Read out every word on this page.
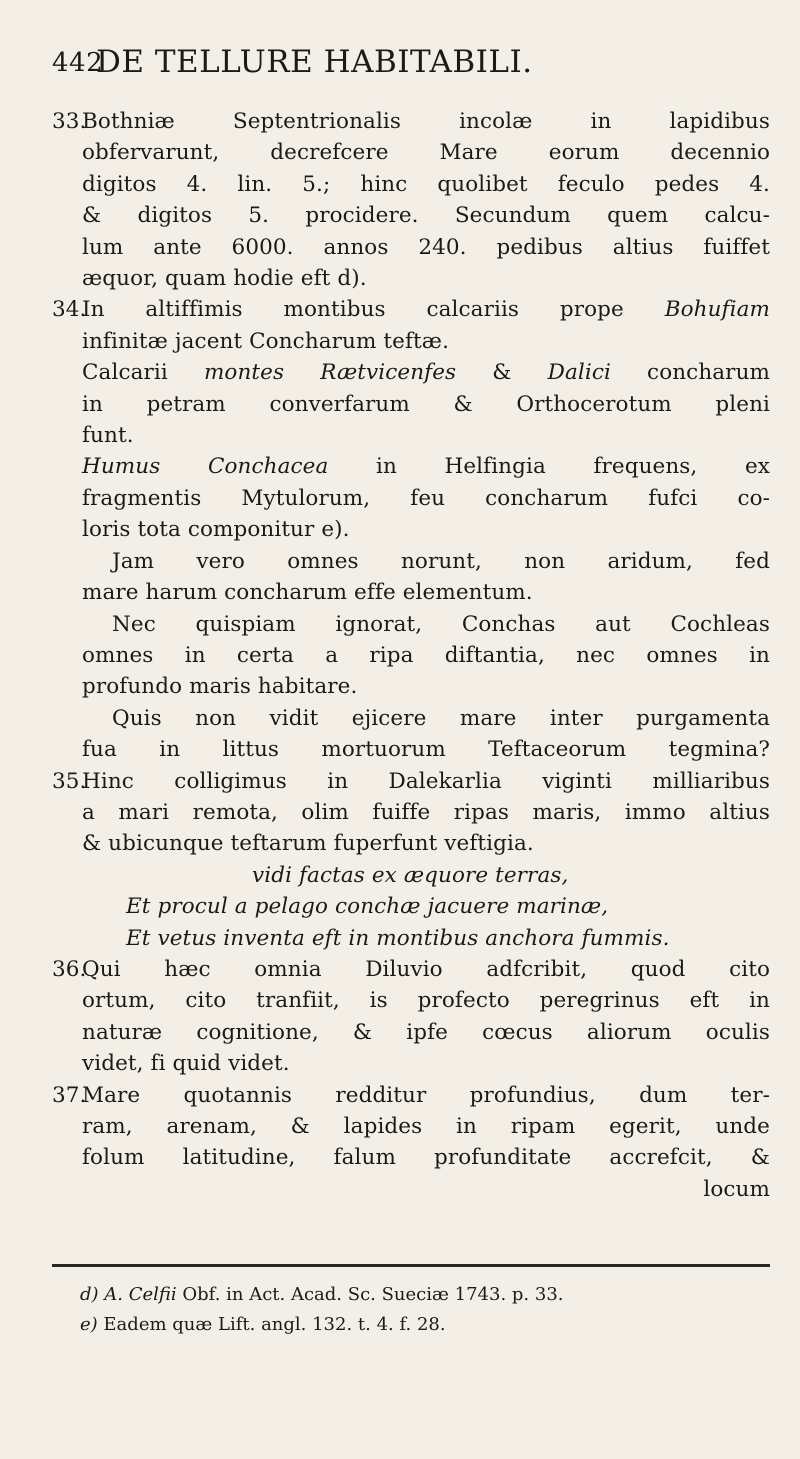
442
DE TELLURE HABITABILI.
33.
Bothniæ Septentrionalis incolæ in lapidibus
obfervarunt, decrefcere Mare eorum decennio
digitos 4. lin. 5.; hinc quolibet feculo pedes 4.
& digitos 5. procidere. Secundum quem calcu-
lum ante 6000. annos 240. pedibus altius fuiffet
æquor, quam hodie eft d).
34.
In altiffimis montibus calcariis prope Bohufiam
infinitæ jacent Concharum teftæ.
Calcarii montes Rætvicenfes & Dalici concharum
in petram converfarum & Orthocerotum pleni
funt.
Humus Conchacea in Helfingia frequens, ex
fragmentis Mytulorum, feu concharum fufci co-
loris tota componitur e).
Jam vero omnes norunt, non aridum, fed
mare harum concharum effe elementum.
Nec quispiam ignorat, Conchas aut Cochleas
omnes in certa a ripa diftantia, nec omnes in
profundo maris habitare.
Quis non vidit ejicere mare inter purgamenta
fua in littus mortuorum Teftaceorum tegmina?
35.
Hinc colligimus in Dalekarlia viginti milliaribus
a mari remota, olim fuiffe ripas maris, immo altius
& ubicunque teftarum fuperfunt veftigia.
vidi factas ex æquore terras,
Et procul a pelago conchæ jacuere marinæ,
Et vetus inventa eft in montibus anchora fummis.
36.
Qui hæc omnia Diluvio adfcribit, quod cito
ortum, cito tranfiit, is profecto peregrinus eft in
naturæ cognitione, & ipfe cœcus aliorum oculis
videt, fi quid videt.
37.
Mare quotannis redditur profundius, dum ter-
ram, arenam, & lapides in ripam egerit, unde
folum latitudine, falum profunditate accrefcit, &
locum
d) A. Celfii Obf. in Act. Acad. Sc. Sueciæ 1743. p. 33.
e) Eadem quæ Lift. angl. 132. t. 4. f. 28.
